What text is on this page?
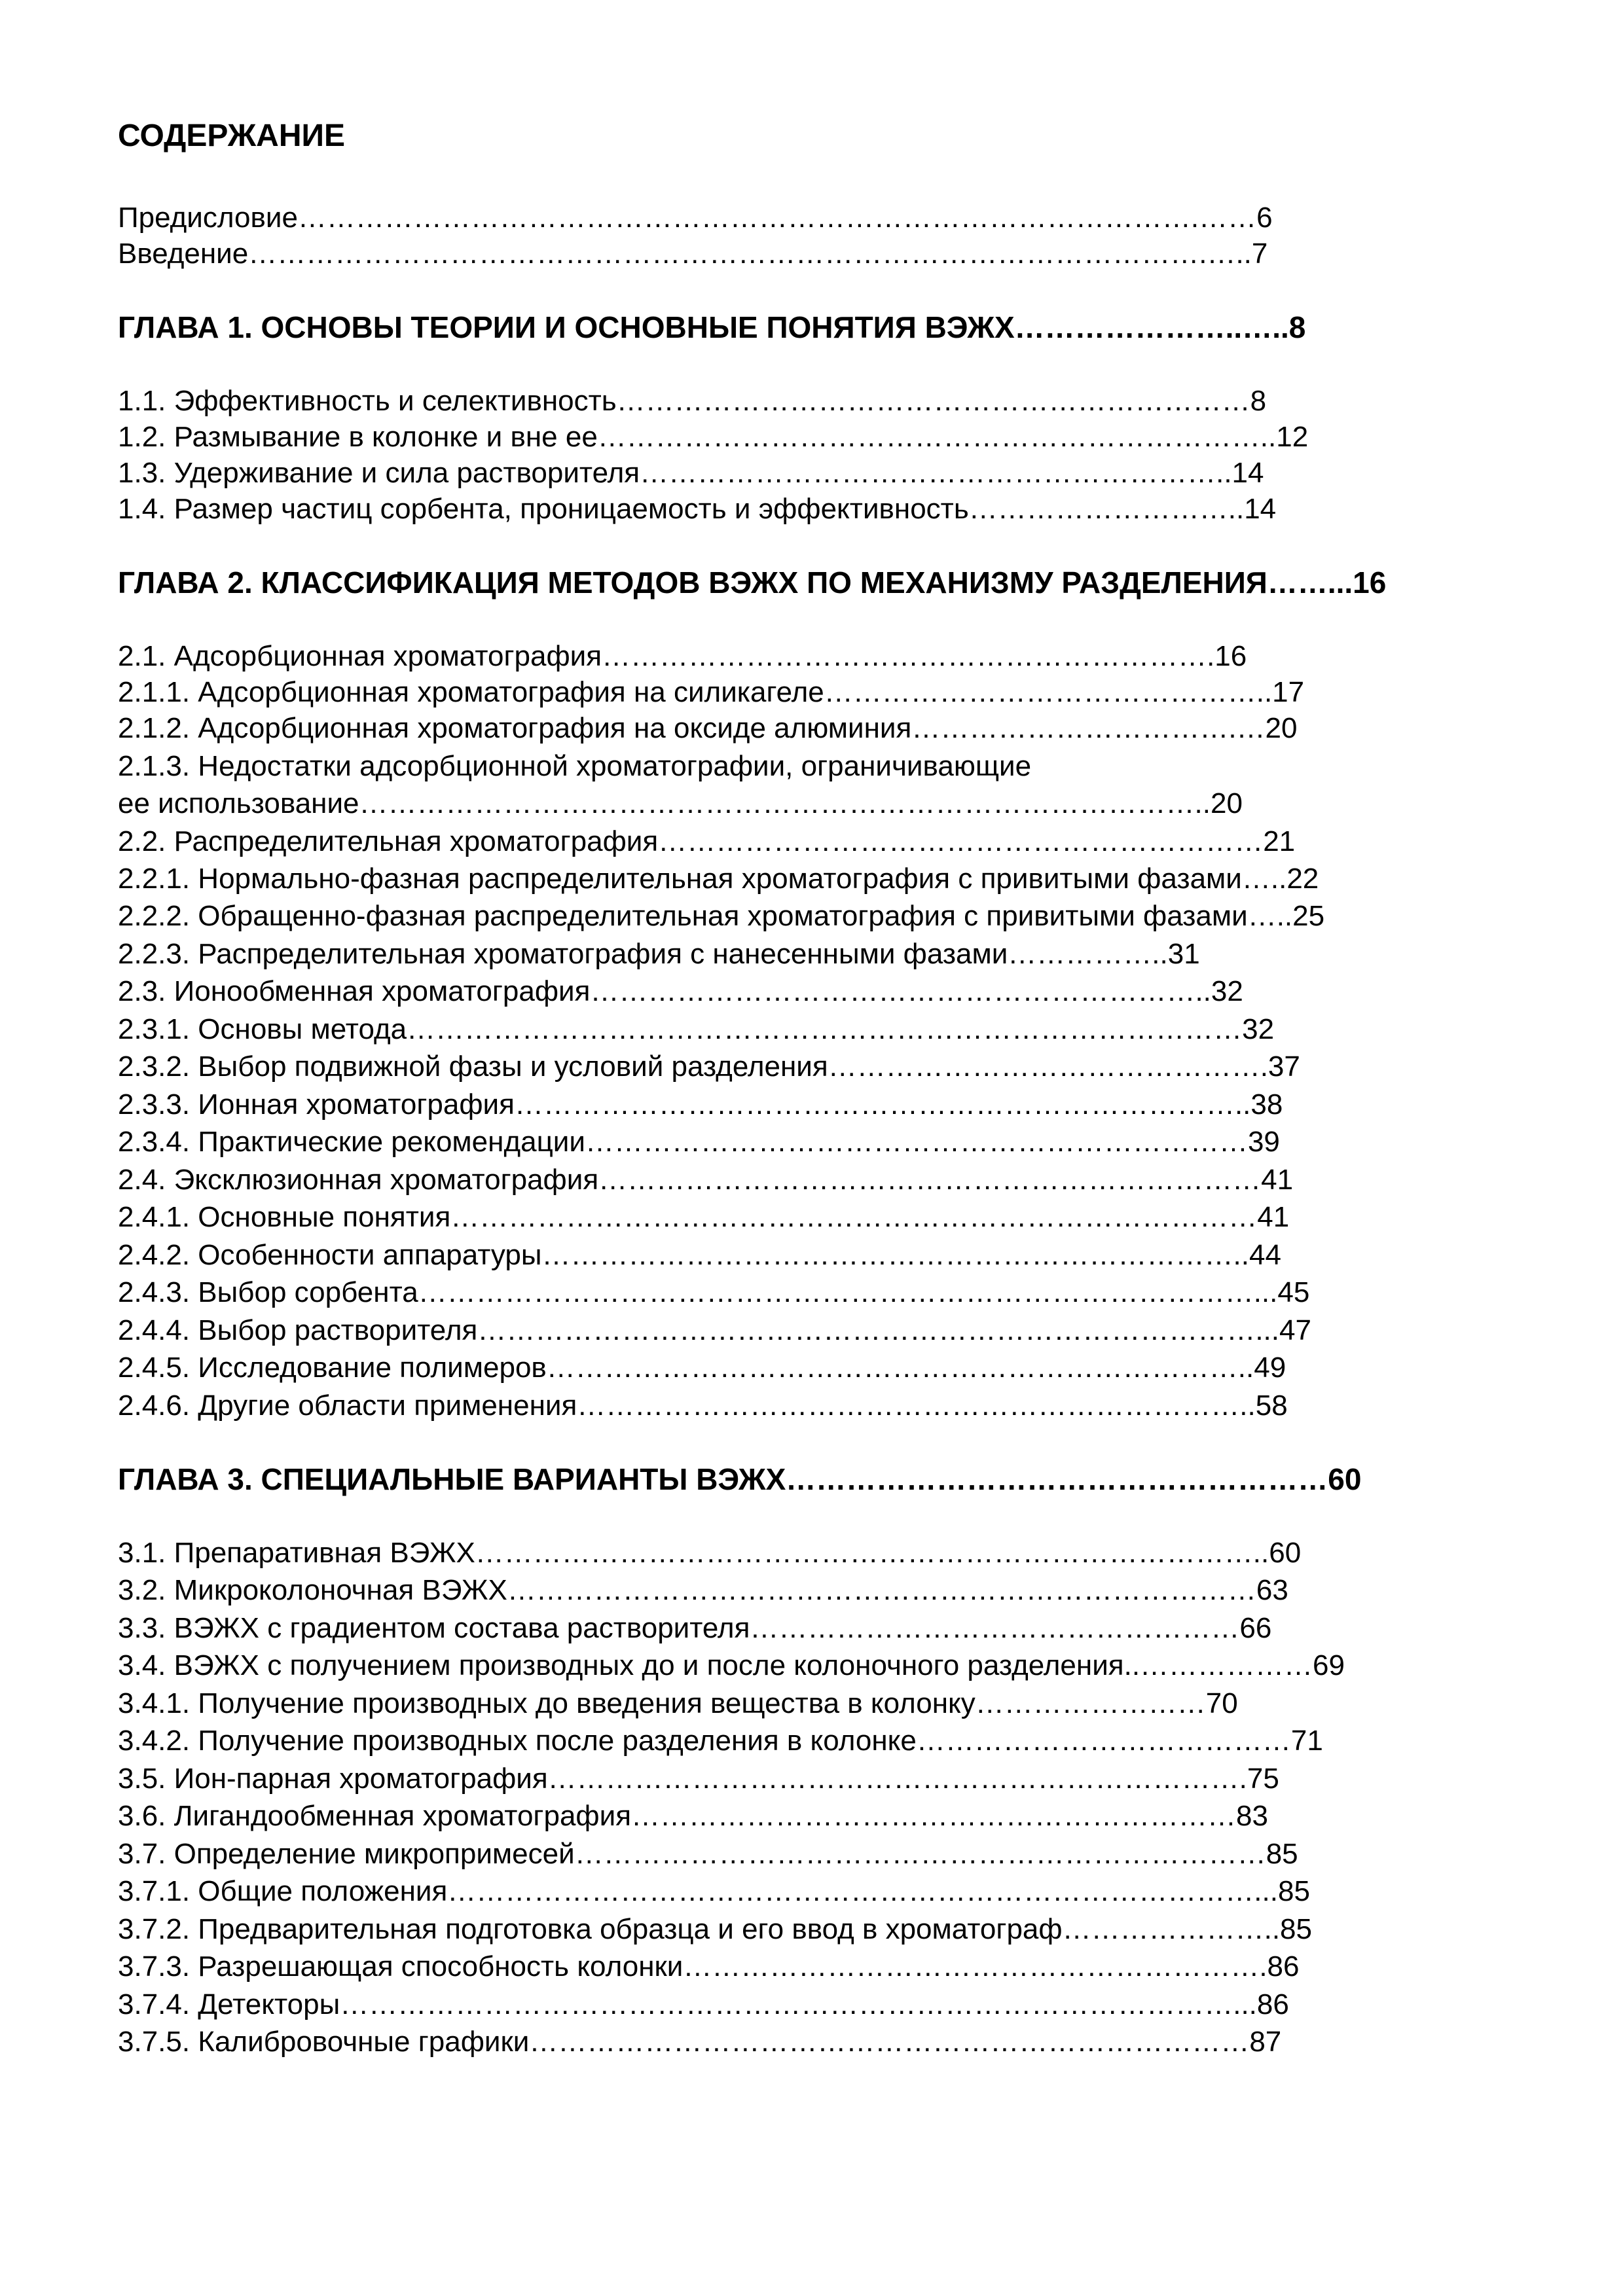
СОДЕРЖАНИЕ
Предисловие………………………………………………………………………………….……6
Введение……………………………………………………………………………………….…..7
ГЛАВА 1. ОСНОВЫ ТЕОРИИ И ОСНОВНЫЕ ПОНЯТИЯ ВЭЖХ…………………..…..8
1.1. Эффективность и селективность…………………………………………………………8
1.2. Размывание в колонке и вне ее……………………………………………………………..12
1.3. Удерживание и сила растворителя……………………………………………………..14
1.4. Размер частиц сорбента, проницаемость и эффективность………………………..14
ГЛАВА 2. КЛАССИФИКАЦИЯ МЕТОДОВ ВЭЖХ ПО МЕХАНИЗМУ РАЗДЕЛЕНИЯ……...16
2.1. Адсорбционная хроматография……………………………………………………….16
2.1.1. Адсорбционная хроматография на силикагеле………………………………………..17
2.1.2. Адсорбционная хроматография на оксиде алюминия…………………………….…20
2.1.3. Недостатки адсорбционной хроматографии, ограничивающие
ее использование……………………………………………………………………………..20
2.2. Распределительная хроматография………………………………………………………21
2.2.1. Нормально-фазная распределительная хроматография с привитыми фазами…..22
2.2.2. Обращенно-фазная распределительная хроматография с привитыми фазами…..25
2.2.3. Распределительная хроматография с нанесенными фазами……………..31
2.3. Ионообменная хроматография………………………………………………………..32
2.3.1. Основы метода……………………………………………………………………………32
2.3.2. Выбор подвижной фазы и условий разделения……………………………………….37
2.3.3. Ионная хроматография…………………………………………………………………..38
2.3.4. Практические рекомендации……………………………………………………………39
2.4. Эксклюзионная хроматография……………………………………………………………41
2.4.1. Основные понятия…………………………………………………………………………41
2.4.2. Особенности аппаратуры………………………………………………………………..44
2.4.3. Выбор сорбента……………………………………………………………………………...45
2.4.4. Выбор растворителя………………………………………………………………………...47
2.4.5. Исследование полимеров………………………………………………………………..49
2.4.6. Другие области применения……………………………………………………………..58
ГЛАВА 3. СПЕЦИАЛЬНЫЕ ВАРИАНТЫ ВЭЖХ………………………………………………60
3.1. Препаративная ВЭЖХ………………………………………………………………………..60
3.2. Микроколоночная ВЭЖХ……………………………………………………………………63
3.3. ВЭЖХ с градиентом состава растворителя……………………………………………66
3.4. ВЭЖХ с получением производных до и после колоночного разделения..………………69
3.4.1. Получение производных до введения вещества в колонку……………………70
3.4.2. Получение производных после разделения в колонке…………………………………71
3.5. Ион-парная хроматография……………………………………………………………….75
3.6. Лигандообменная хроматография………………………………………………………83
3.7. Определение микропримесей………………………………………………………………85
3.7.1. Общие положения…………………………………………………………………………...85
3.7.2. Предварительная подготовка образца и его ввод в хроматограф…………………..85
3.7.3. Разрешающая способность колонки…………………………………………………….86
3.7.4. Детекторы…………………………………………………………………………………...86
3.7.5. Калибровочные графики…………………………………………………………………87
